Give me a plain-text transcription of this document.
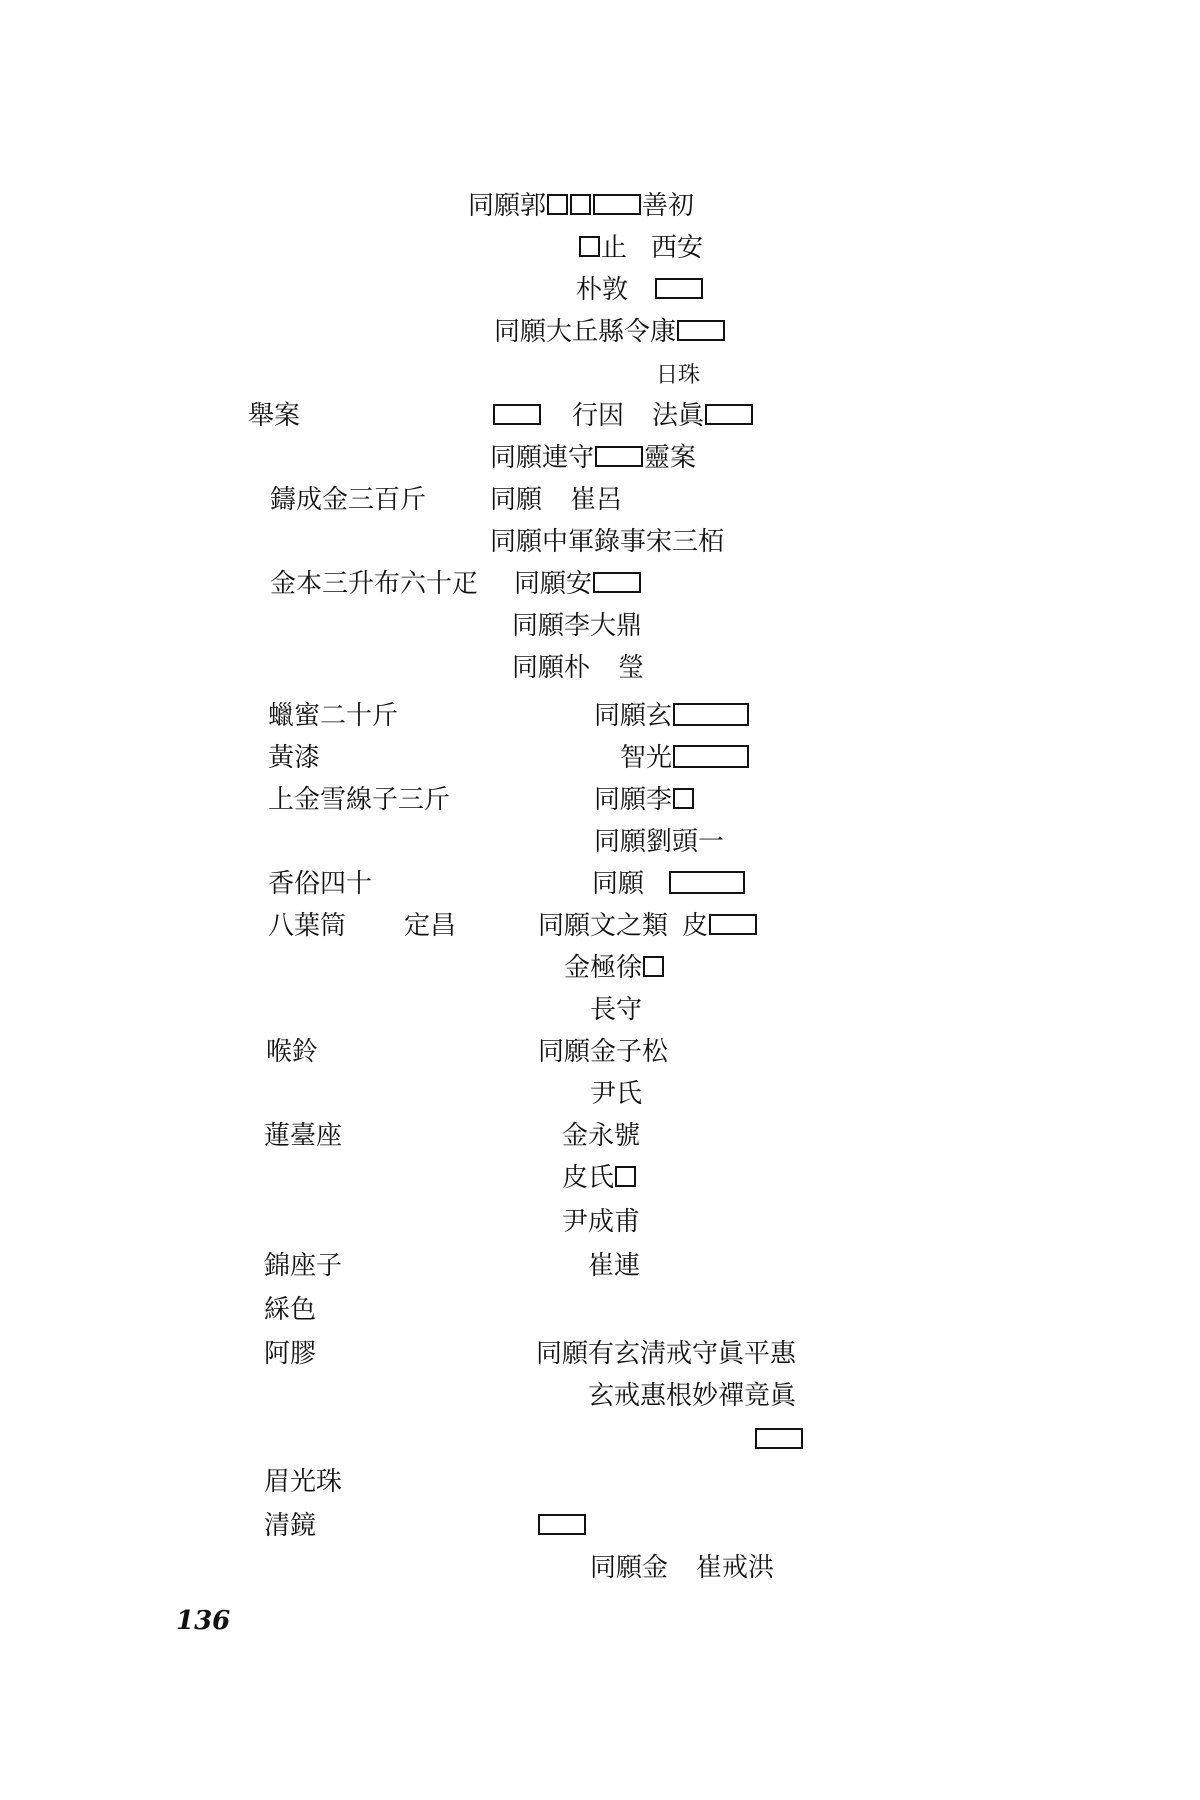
舉案
鑄成金三百斤
金本三升布六十疋
蠟蜜二十斤
黃漆
上金雪線子三斤
香俗四十
八葉筒 定昌
喉鈴
蓮臺座
錦座子
綵色
阿膠
眉光珠
清鏡
同願郭	善初
止 西安
朴敦
同願大丘縣令康
日珠
行因 法眞
同願連守 靈案
同願 崔呂
同願中軍錄事宋三栢
同願安
同願李大鼎
同願朴 瑩
同願玄
智光
同願李
同願劉頭一
同願
同願文之類 皮
金極徐
長守
同願金子松
尹氏
金永號
皮氏
尹成甫
崔連
同願有玄淸戒守眞平惠
玄戒惠根妙禪竟眞
同願金 崔戒洪
136
